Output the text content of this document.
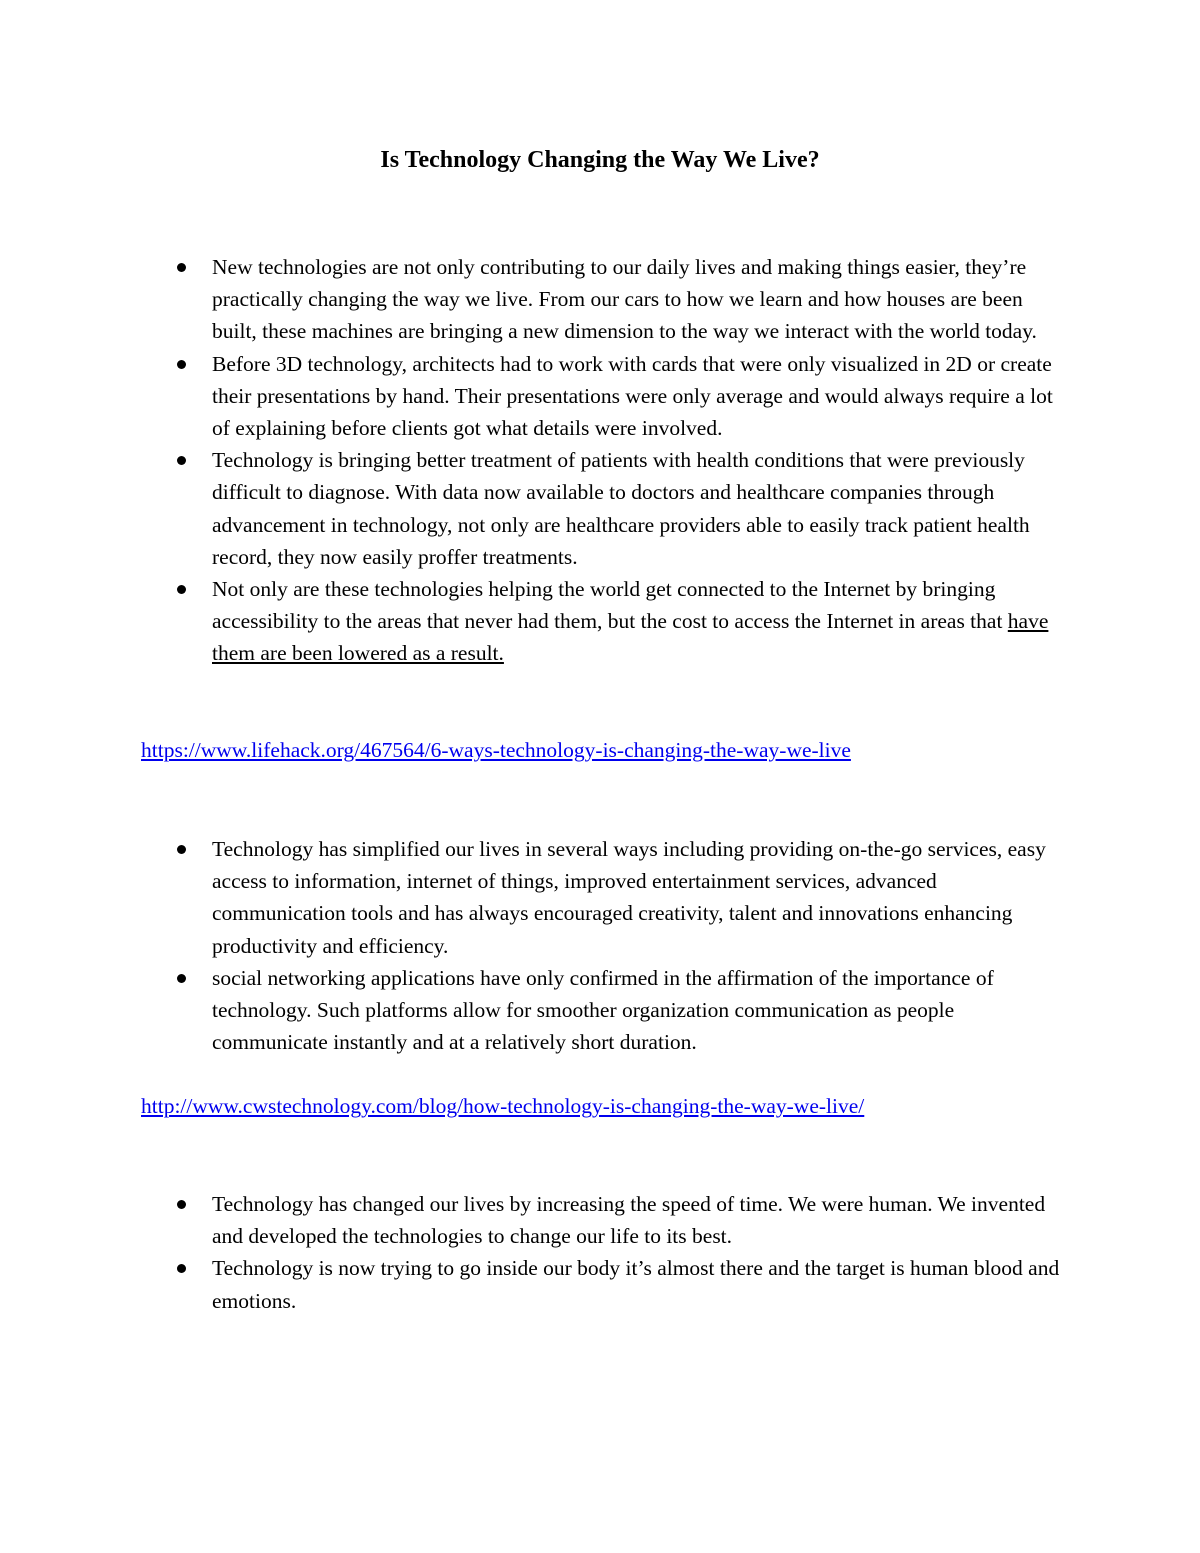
Is Technology Changing the Way We Live?
New technologies are not only contributing to our daily lives and making things easier, they’re practically changing the way we live. From our cars to how we learn and how houses are been built, these machines are bringing a new dimension to the way we interact with the world today.
Before 3D technology, architects had to work with cards that were only visualized in 2D or create their presentations by hand. Their presentations were only average and would always require a lot of explaining before clients got what details were involved.
Technology is bringing better treatment of patients with health conditions that were previously difficult to diagnose. With data now available to doctors and healthcare companies through advancement in technology, not only are healthcare providers able to easily track patient health record, they now easily proffer treatments.
Not only are these technologies helping the world get connected to the Internet by bringing accessibility to the areas that never had them, but the cost to access the Internet in areas that have them are been lowered as a result.
https://www.lifehack.org/467564/6-ways-technology-is-changing-the-way-we-live
Technology has simplified our lives in several ways including providing on-the-go services, easy access to information, internet of things, improved entertainment services, advanced communication tools and has always encouraged creativity, talent and innovations enhancing productivity and efficiency.
social networking applications have only confirmed in the affirmation of the importance of technology. Such platforms allow for smoother organization communication as people communicate instantly and at a relatively short duration.
http://www.cwstechnology.com/blog/how-technology-is-changing-the-way-we-live/
Technology has changed our lives by increasing the speed of time. We were human. We invented and developed the technologies to change our life to its best.
Technology is now trying to go inside our body it’s almost there and the target is human blood and emotions.
